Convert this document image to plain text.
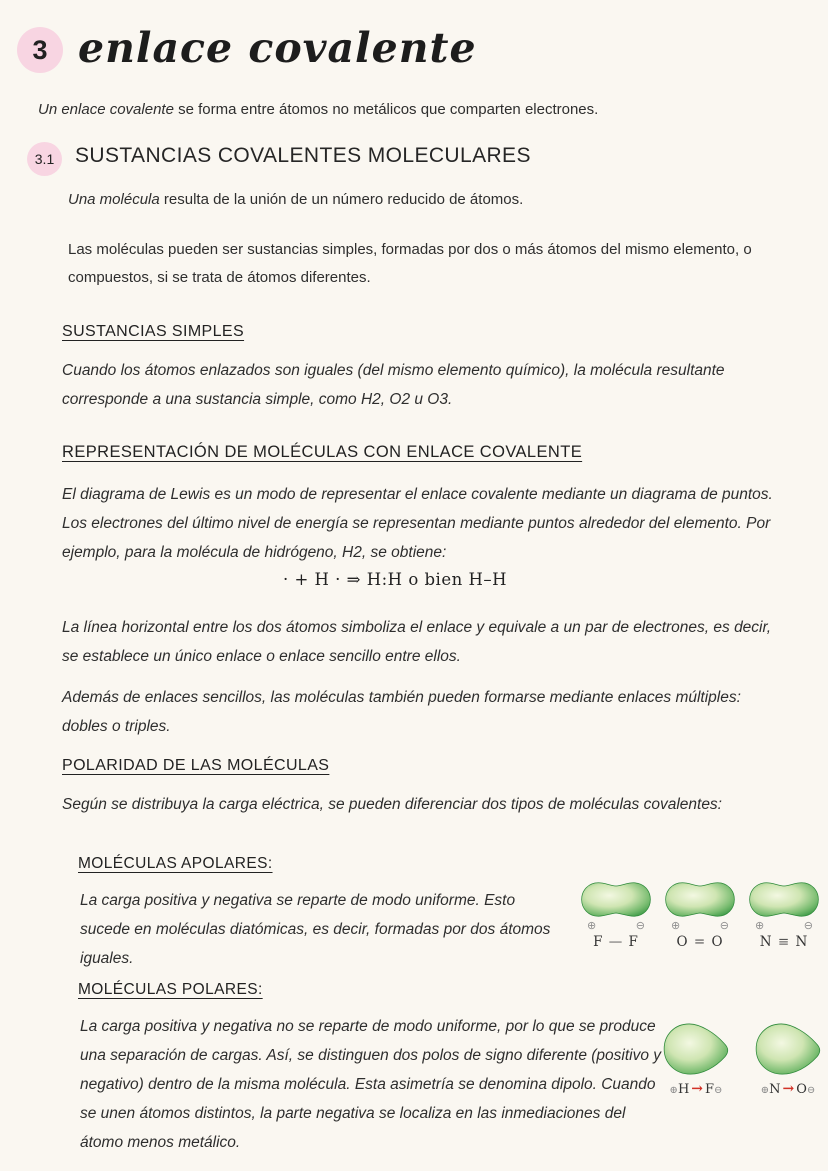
3 enlace covalente
Un enlace covalente se forma entre átomos no metálicos que comparten electrones.
3.1 SUSTANCIAS COVALENTES MOLECULARES
Una molécula resulta de la unión de un número reducido de átomos.
Las moléculas pueden ser sustancias simples, formadas por dos o más átomos del mismo elemento, o compuestos, si se trata de átomos diferentes.
SUSTANCIAS SIMPLES
Cuando los átomos enlazados son iguales (del mismo elemento químico), la molécula resultante corresponde a una sustancia simple, como H2, O2 u O3.
REPRESENTACIÓN DE MOLÉCULAS CON ENLACE COVALENTE
El diagrama de Lewis es un modo de representar el enlace covalente mediante un diagrama de puntos. Los electrones del último nivel de energía se representan mediante puntos alrededor del elemento. Por ejemplo, para la molécula de hidrógeno, H2, se obtiene:
· + H · ⇒ H:H o bien H–H
La línea horizontal entre los dos átomos simboliza el enlace y equivale a un par de electrones, es decir, se establece un único enlace o enlace sencillo entre ellos.
Además de enlaces sencillos, las moléculas también pueden formarse mediante enlaces múltiples: dobles o triples.
POLARIDAD DE LAS MOLÉCULAS
Según se distribuya la carga eléctrica, se pueden diferenciar dos tipos de moléculas covalentes:
MOLÉCULAS APOLARES:
La carga positiva y negativa se reparte de modo uniforme. Esto sucede en moléculas diatómicas, es decir, formadas por dos átomos iguales.
⊕	⊖
F — F
⊕	⊖
O = O
⊕	⊖
N ≡ N
MOLÉCULAS POLARES:
La carga positiva y negativa no se reparte de modo uniforme, por lo que se produce una separación de cargas. Así, se distinguen dos polos de signo diferente (positivo y negativo) dentro de la misma molécula. Esta asimetría se denomina dipolo. Cuando se unen átomos distintos, la parte negativa se localiza en las inmediaciones del átomo menos metálico.
⊕H → F⊖	⊕N → O⊖
